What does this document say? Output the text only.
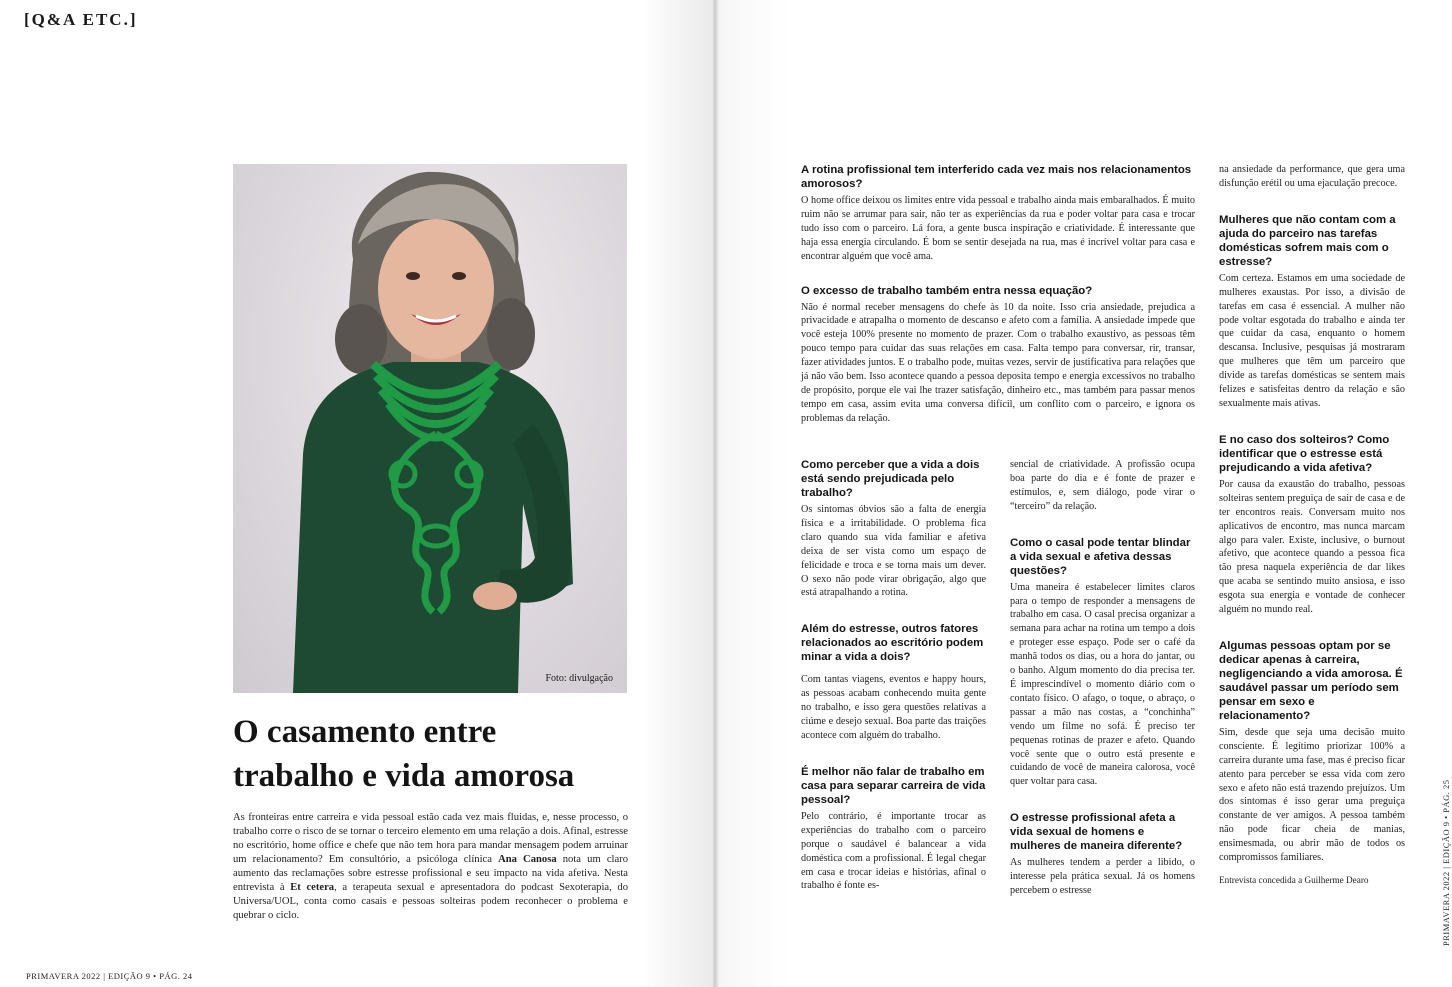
[Q&A ETC.]
Foto: divulgação
O casamento entre
trabalho e vida amorosa

As fronteiras entre carreira e vida pessoal estão cada vez mais fluidas, e, nesse processo, o trabalho corre o risco de se tornar o terceiro elemento em uma relação a dois. Afinal, estresse no escritório, home office e chefe que não tem hora para mandar mensagem podem arruinar um relacionamento? Em consultório, a psicóloga clínica Ana Canosa nota um claro aumento das reclamações sobre estresse profissional e seu impacto na vida afetiva. Nesta entrevista à Et cetera, a terapeuta sexual e apresentadora do podcast Sexoterapia, do Universa/UOL, conta como casais e pessoas solteiras podem reconhecer o problema e quebrar o ciclo.

PRIMAVERA 2022 | EDIÇÃO 9 • PÁG. 24
PRIMAVERA 2022 | EDIÇÃO 9 • PÁG. 25

A rotina profissional tem interferido cada vez mais nos relacionamentos amorosos?

O home office deixou os limites entre vida pessoal e trabalho ainda mais embaralhados. É muito ruim não se arrumar para sair, não ter as experiências da rua e poder voltar para casa e trocar tudo isso com o parceiro. Lá fora, a gente busca inspiração e criatividade. É interessante que haja essa energia circulando. É bom se sentir desejada na rua, mas é incrível voltar para casa e encontrar alguém que você ama.

O excesso de trabalho também entra nessa equação?

Não é normal receber mensagens do chefe às 10 da noite. Isso cria ansiedade, prejudica a privacidade e atrapalha o momento de descanso e afeto com a família. A ansiedade impede que você esteja 100% presente no momento de prazer. Com o trabalho exaustivo, as pessoas têm pouco tempo para cuidar das suas relações em casa. Falta tempo para conversar, rir, transar, fazer atividades juntos. E o trabalho pode, muitas vezes, servir de justificativa para relações que já não vão bem. Isso acontece quando a pessoa deposita tempo e energia excessivos no trabalho de propósito, porque ele vai lhe trazer satisfação, dinheiro etc., mas também para passar menos tempo em casa, assim evita uma conversa difícil, um conflito com o parceiro, e ignora os problemas da relação.

Como perceber que a vida a dois está sendo prejudicada pelo trabalho?

Os sintomas óbvios são a falta de energia física e a irritabilidade. O problema fica claro quando sua vida familiar e afetiva deixa de ser vista como um espaço de felicidade e troca e se torna mais um dever. O sexo não pode virar obrigação, algo que está atrapalhando a rotina.

Além do estresse, outros fatores relacionados ao escritório podem minar a vida a dois?

Com tantas viagens, eventos e happy hours, as pessoas acabam conhecendo muita gente no trabalho, e isso gera questões relativas a ciúme e desejo sexual. Boa parte das traições acontece com alguém do trabalho.

É melhor não falar de trabalho em casa para separar carreira de vida pessoal?

Pelo contrário, é importante trocar as experiências do trabalho com o parceiro porque o saudável é balancear a vida doméstica com a profissional. É legal chegar em casa e trocar ideias e histórias, afinal o trabalho é fonte es-

sencial de criatividade. A profissão ocupa boa parte do dia e é fonte de prazer e estímulos, e, sem diálogo, pode virar o “terceiro” da relação.

Como o casal pode tentar blindar a vida sexual e afetiva dessas questões?

Uma maneira é estabelecer limites claros para o tempo de responder a mensagens de trabalho em casa. O casal precisa organizar a semana para achar na rotina um tempo a dois e proteger esse espaço. Pode ser o café da manhã todos os dias, ou a hora do jantar, ou o banho. Algum momento do dia precisa ter. É imprescindível o momento diário com o contato físico. O afago, o toque, o abraço, o passar a mão nas costas, a “conchinha” vendo um filme no sofá. É preciso ter pequenas rotinas de prazer e afeto. Quando você sente que o outro está presente e cuidando de você de maneira calorosa, você quer voltar para casa.

O estresse profissional afeta a vida sexual de homens e mulheres de maneira diferente?

As mulheres tendem a perder a libido, o interesse pela prática sexual. Já os homens percebem o estresse

na ansiedade da performance, que gera uma disfunção erétil ou uma ejaculação precoce.

Mulheres que não contam com a ajuda do parceiro nas tarefas domésticas sofrem mais com o estresse?

Com certeza. Estamos em uma sociedade de mulheres exaustas. Por isso, a divisão de tarefas em casa é essencial. A mulher não pode voltar esgotada do trabalho e ainda ter que cuidar da casa, enquanto o homem descansa. Inclusive, pesquisas já mostraram que mulheres que têm um parceiro que divide as tarefas domésticas se sentem mais felizes e satisfeitas dentro da relação e são sexualmente mais ativas.

E no caso dos solteiros? Como identificar que o estresse está prejudicando a vida afetiva?

Por causa da exaustão do trabalho, pessoas solteiras sentem preguiça de sair de casa e de ter encontros reais. Conversam muito nos aplicativos de encontro, mas nunca marcam algo para valer. Existe, inclusive, o burnout afetivo, que acontece quando a pessoa fica tão presa naquela experiência de dar likes que acaba se sentindo muito ansiosa, e isso esgota sua energia e vontade de conhecer alguém no mundo real.

Algumas pessoas optam por se dedicar apenas à carreira, negligenciando a vida amorosa. É saudável passar um período sem pensar em sexo e relacionamento?

Sim, desde que seja uma decisão muito consciente. É legítimo priorizar 100% a carreira durante uma fase, mas é preciso ficar atento para perceber se essa vida com zero sexo e afeto não está trazendo prejuízos. Um dos sintomas é isso gerar uma preguiça constante de ver amigos. A pessoa também não pode ficar cheia de manias, ensimesmada, ou abrir mão de todos os compromissos familiares.

Entrevista concedida a Guilherme Dearo
